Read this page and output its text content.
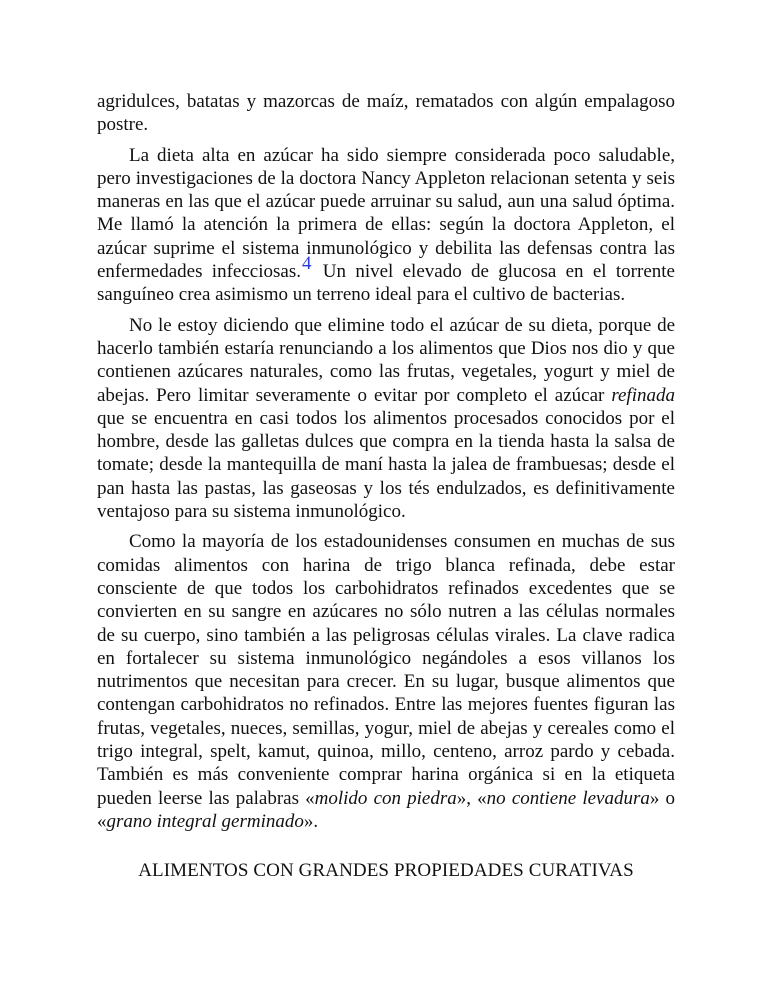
agridulces, batatas y mazorcas de maíz, rematados con algún empalagoso postre.

La dieta alta en azúcar ha sido siempre considerada poco saludable, pero investigaciones de la doctora Nancy Appleton relacionan setenta y seis maneras en las que el azúcar puede arruinar su salud, aun una salud óptima. Me llamó la atención la primera de ellas: según la doctora Appleton, el azúcar suprime el sistema inmunológico y debilita las defensas contra las enfermedades infecciosas.$^4$ Un nivel elevado de glucosa en el torrente sanguíneo crea asimismo un terreno ideal para el cultivo de bacterias.

No le estoy diciendo que elimine todo el azúcar de su dieta, porque de hacerlo también estaría renunciando a los alimentos que Dios nos dio y que contienen azúcares naturales, como las frutas, vegetales, yogurt y miel de abejas. Pero limitar severamente o evitar por completo el azúcar refinada que se encuentra en casi todos los alimentos procesados conocidos por el hombre, desde las galletas dulces que compra en la tienda hasta la salsa de tomate; desde la mantequilla de maní hasta la jalea de frambuesas; desde el pan hasta las pastas, las gaseosas y los tés endulzados, es definitivamente ventajoso para su sistema inmunológico.

Como la mayoría de los estadounidenses consumen en muchas de sus comidas alimentos con harina de trigo blanca refinada, debe estar consciente de que todos los carbohidratos refinados excedentes que se convierten en su sangre en azúcares no sólo nutren a las células normales de su cuerpo, sino también a las peligrosas células virales. La clave radica en fortalecer su sistema inmunológico negándoles a esos villanos los nutrimentos que necesitan para crecer. En su lugar, busque alimentos que contengan carbohidratos no refinados. Entre las mejores fuentes figuran las frutas, vegetales, nueces, semillas, yogur, miel de abejas y cereales como el trigo integral, spelt, kamut, quinoa, millo, centeno, arroz pardo y cebada. También es más conveniente comprar harina orgánica si en la etiqueta pueden leerse las palabras «molido con piedra», «no contiene levadura» o «grano integral germinado».

ALIMENTOS CON GRANDES PROPIEDADES CURATIVAS
